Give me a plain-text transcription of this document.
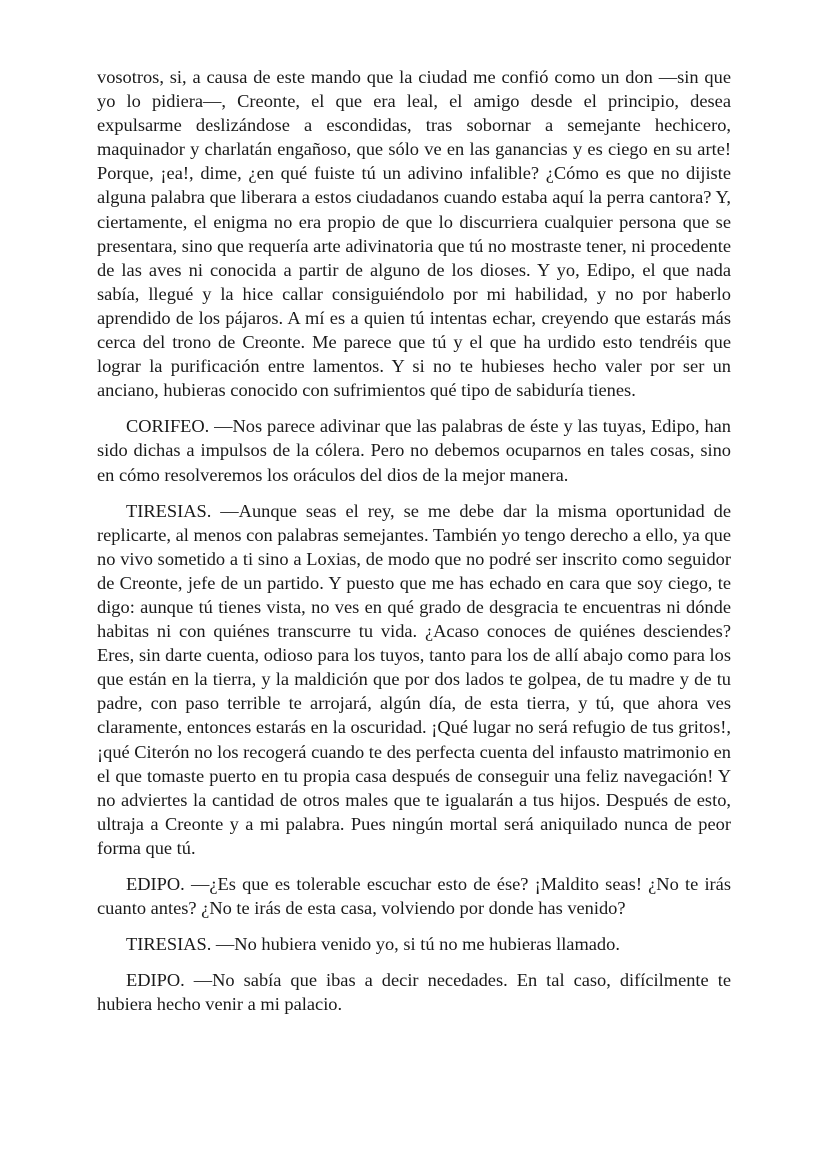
vosotros, si, a causa de este mando que la ciudad me confió como un don —sin que yo lo pidiera—, Creonte, el que era leal, el amigo desde el principio, desea expulsarme deslizándose a escondidas, tras sobornar a semejante hechicero, maquinador y charlatán engañoso, que sólo ve en las ganancias y es ciego en su arte! Porque, ¡ea!, dime, ¿en qué fuiste tú un adivino infalible? ¿Cómo es que no dijiste alguna palabra que liberara a estos ciudadanos cuando estaba aquí la perra cantora? Y, ciertamente, el enigma no era propio de que lo discurriera cualquier persona que se presentara, sino que requería arte adivinatoria que tú no mostraste tener, ni procedente de las aves ni conocida a partir de alguno de los dioses. Y yo, Edipo, el que nada sabía, llegué y la hice callar consiguiéndolo por mi habilidad, y no por haberlo aprendido de los pájaros. A mí es a quien tú intentas echar, creyendo que estarás más cerca del trono de Creonte. Me parece que tú y el que ha urdido esto tendréis que lograr la purificación entre lamentos. Y si no te hubieses hecho valer por ser un anciano, hubieras conocido con sufrimientos qué tipo de sabiduría tienes.

CORIFEO. —Nos parece adivinar que las palabras de éste y las tuyas, Edipo, han sido dichas a impulsos de la cólera. Pero no debemos ocuparnos en tales cosas, sino en cómo resolveremos los oráculos del dios de la mejor manera.

TIRESIAS. —Aunque seas el rey, se me debe dar la misma oportunidad de replicarte, al menos con palabras semejantes. También yo tengo derecho a ello, ya que no vivo sometido a ti sino a Loxias, de modo que no podré ser inscrito como seguidor de Creonte, jefe de un partido. Y puesto que me has echado en cara que soy ciego, te digo: aunque tú tienes vista, no ves en qué grado de desgracia te encuentras ni dónde habitas ni con quiénes transcurre tu vida. ¿Acaso conoces de quiénes desciendes? Eres, sin darte cuenta, odioso para los tuyos, tanto para los de allí abajo como para los que están en la tierra, y la maldición que por dos lados te golpea, de tu madre y de tu padre, con paso terrible te arrojará, algún día, de esta tierra, y tú, que ahora ves claramente, entonces estarás en la oscuridad. ¡Qué lugar no será refugio de tus gritos!, ¡qué Citerón no los recogerá cuando te des perfecta cuenta del infausto matrimonio en el que tomaste puerto en tu propia casa después de conseguir una feliz navegación! Y no adviertes la cantidad de otros males que te igualarán a tus hijos. Después de esto, ultraja a Creonte y a mi palabra. Pues ningún mortal será aniquilado nunca de peor forma que tú.

EDIPO. —¿Es que es tolerable escuchar esto de ése? ¡Maldito seas! ¿No te irás cuanto antes? ¿No te irás de esta casa, volviendo por donde has venido?

TIRESIAS. —No hubiera venido yo, si tú no me hubieras llamado.

EDIPO. —No sabía que ibas a decir necedades. En tal caso, difícilmente te hubiera hecho venir a mi palacio.
